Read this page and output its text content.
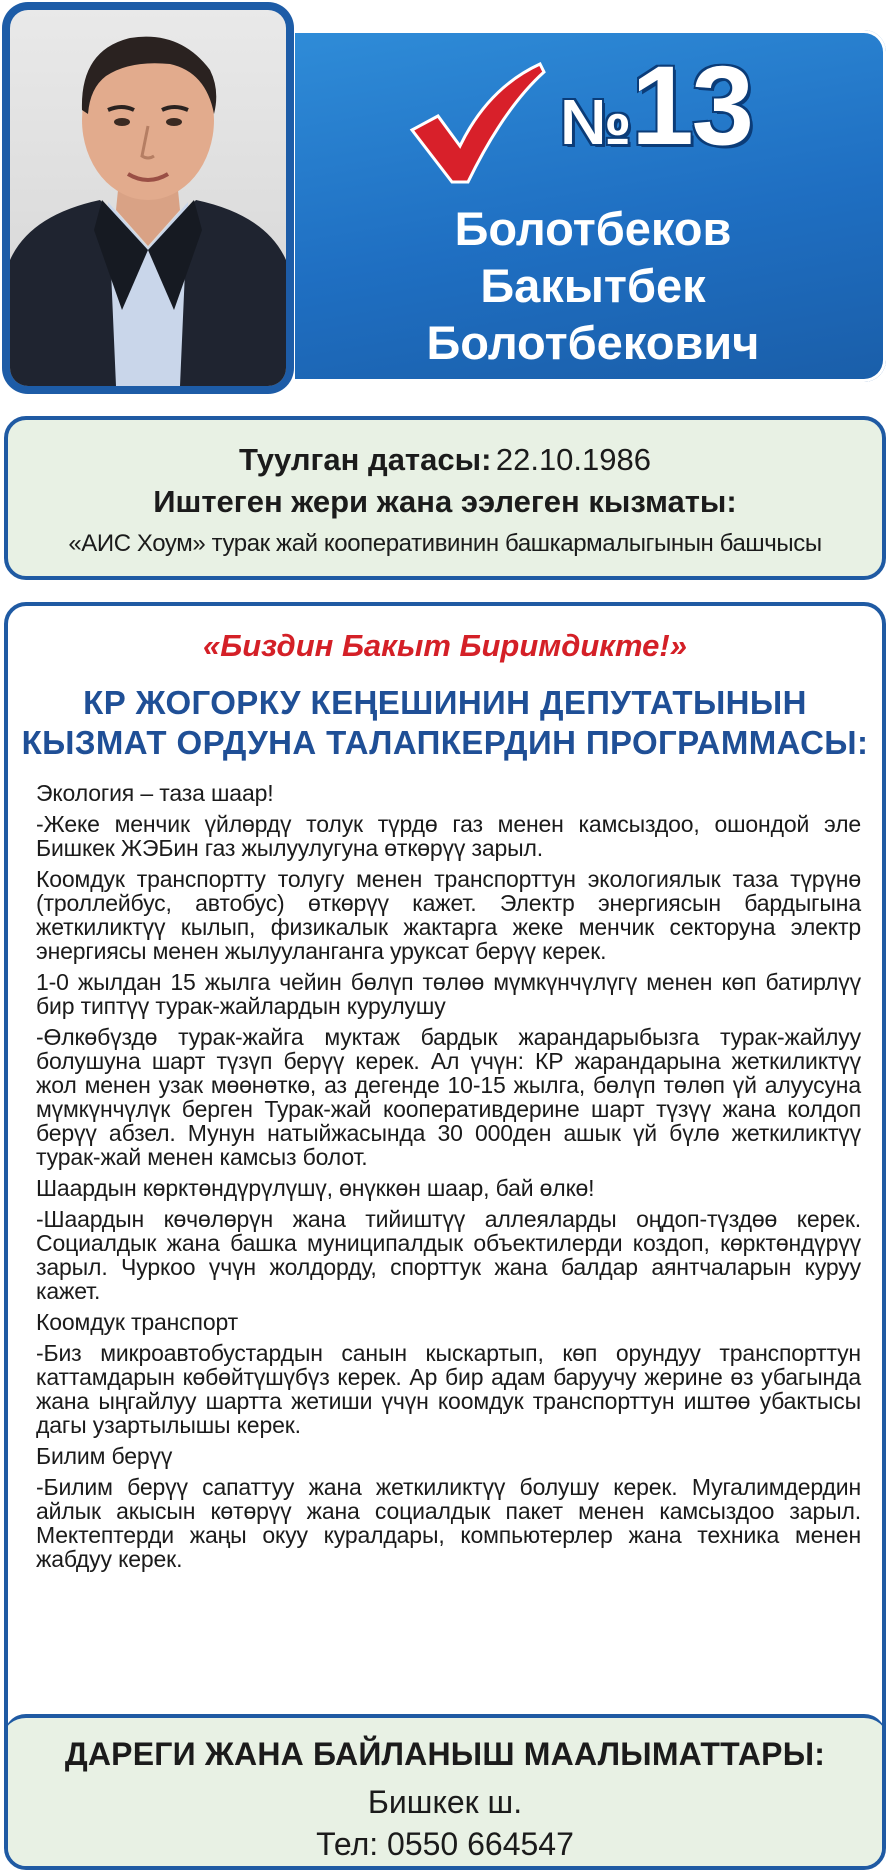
№13
Болотбеков
Бакытбек
Болотбекович
Туулган датасы: 22.10.1986
Иштеген жери жана ээлеген кызматы:
«АИС Хоум» турак жай кооперативинин башкармалыгынын башчысы
«Биздин Бакыт Биримдикте!»
КР ЖОГОРКУ КЕҢЕШИНИН ДЕПУТАТЫНЫН
КЫЗМАТ ОРДУНА ТАЛАПКЕРДИН ПРОГРАММАСЫ:

Экология – таза шаар!

-Жеке менчик үйлөрдү толук түрдө газ менен камсыздоо, ошондой эле Бишкек ЖЭБин газ жылуулугуна өткөрүү зарыл.

Коомдук транспортту толугу менен транспорттун экологиялык таза түрүнө (троллейбус, автобус) өткөрүү кажет. Электр энергиясын бардыгына жеткиликтүү кылып, физикалык жактарга жеке менчик секторуна электр энергиясы менен жылууланганга уруксат берүү керек.

1-0 жылдан 15 жылга чейин бөлүп төлөө мүмкүнчүлүгү менен көп батирлүү бир типтүү турак-жайлардын курулушу

-Өлкөбүздө турак-жайга муктаж бардык жарандарыбызга турак-жайлуу болушуна шарт түзүп берүү керек. Ал үчүн: КР жарандарына жеткиликтүү жол менен узак мөөнөткө, аз дегенде 10-15 жылга, бөлүп төлөп үй алуусуна мүмкүнчүлүк берген Турак-жай кооперативдерине шарт түзүү жана колдоп берүү абзел. Мунун натыйжасында 30 000ден ашык үй бүлө жеткиликтүү турак-жай менен камсыз болот.

Шаардын көрктөндүрүлүшү, өнүккөн шаар, бай өлкө!

-Шаардын көчөлөрүн жана тийиштүү аллеяларды оңдоп-түздөө керек. Социалдык жана башка муниципалдык объектилерди коздоп, көрктөндүрүү зарыл. Чуркоо үчүн жолдорду, спорттук жана балдар аянтчаларын куруу кажет.

Коомдук транспорт

-Биз микроавтобустардын санын кыскартып, көп орундуу транспорттун каттамдарын көбөйтүшүбүз керек. Ар бир адам баруучу жерине өз убагында жана ыңгайлуу шартта жетиши үчүн коомдук транспорттун иштөө убактысы дагы узартылышы керек.

Билим берүү

-Билим берүү сапаттуу жана жеткиликтүү болушу керек. Мугалимдердин айлык акысын көтөрүү жана социалдык пакет менен камсыздоо зарыл. Мектептерди жаңы окуу куралдары, компьютерлер жана техника менен жабдуу керек.

ДАРЕГИ ЖАНА БАЙЛАНЫШ МААЛЫМАТТАРЫ:
Бишкек ш.
Тел: 0550 664547
